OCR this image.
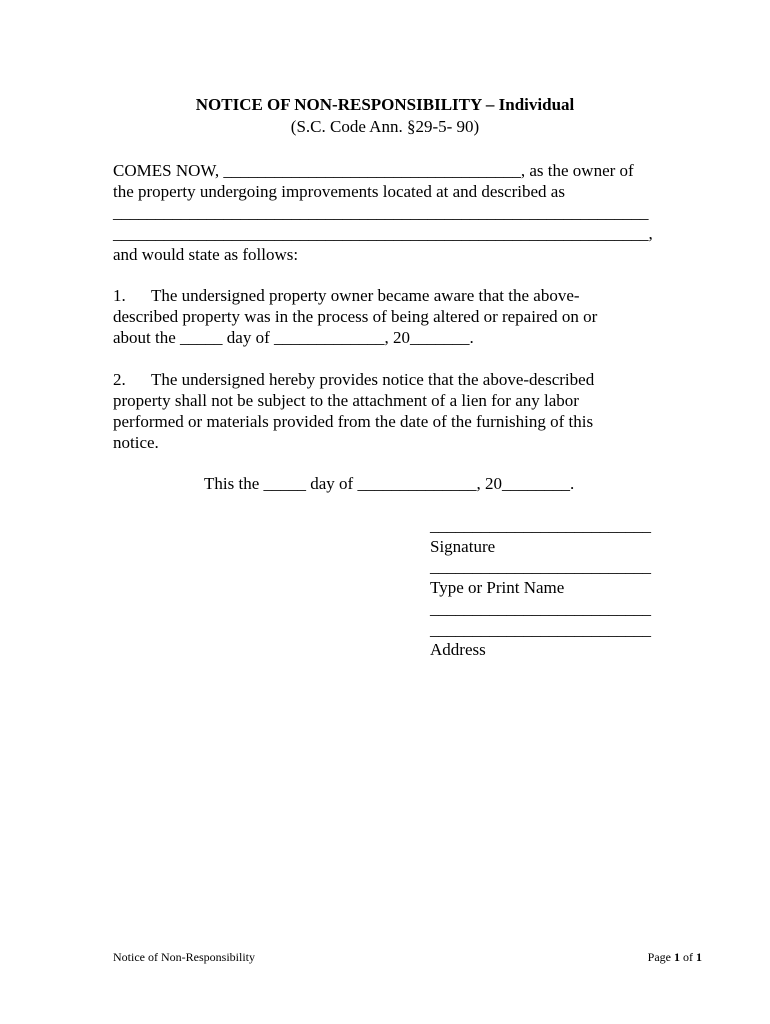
NOTICE OF NON-RESPONSIBILITY – Individual
(S.C. Code Ann. §29-5- 90)
COMES NOW, ___________________________________, as the owner of
the property undergoing improvements located at and described as
_______________________________________________________________
_______________________________________________________________,
and would state as follows:
1.      The undersigned property owner became aware that the above-
described property was in the process of being altered or repaired on or
about the _____ day of _____________, 20_______.
2.      The undersigned hereby provides notice that the above-described
property shall not be subject to the attachment of a lien for any labor
performed or materials provided from the date of the furnishing of this
notice.
This the _____ day of ______________, 20________.
__________________________
Signature
__________________________
Type or Print Name
__________________________
__________________________
Address
Notice of Non-Responsibility	Page 1 of 1
